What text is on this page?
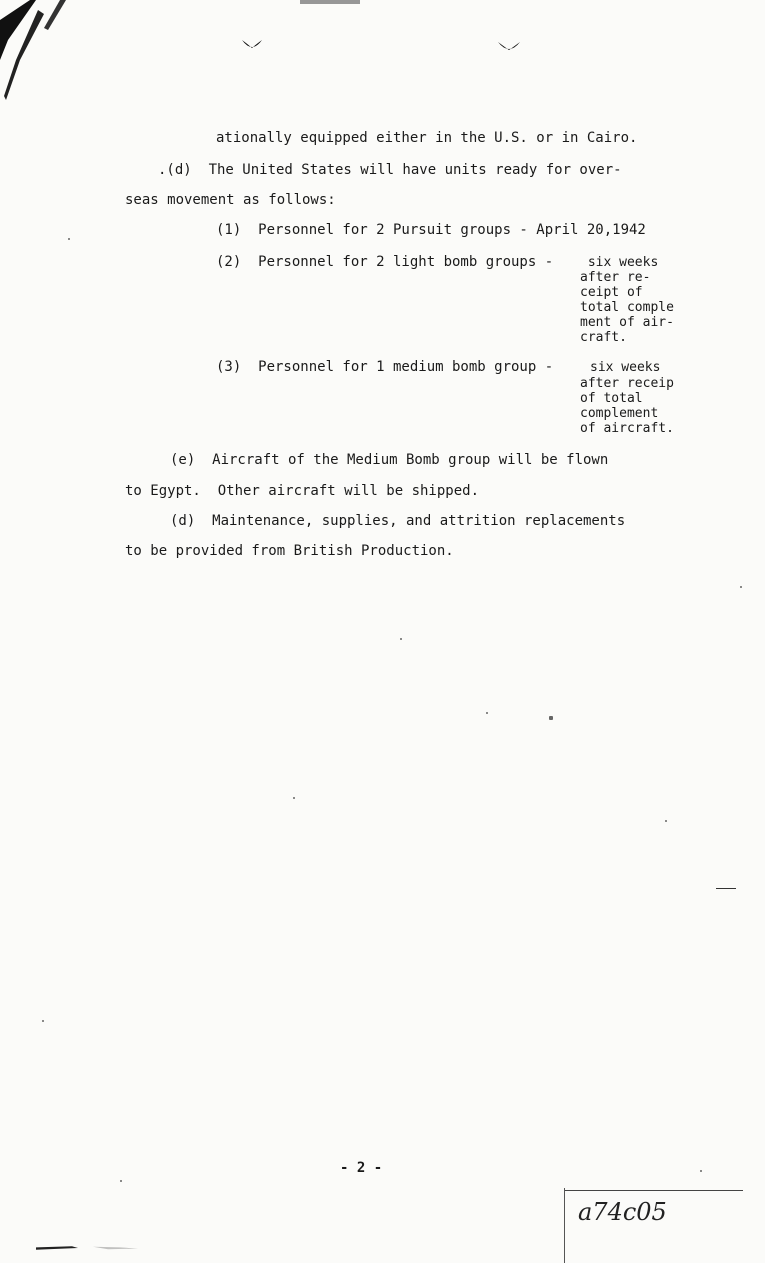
ationally equipped either in the U.S. or in Cairo.
.(d)  The United States will have units ready for over-
seas movement as follows:
(1)  Personnel for 2 Pursuit groups - April 20,1942
(2)  Personnel for 2 light bomb groups - six weeks
after re-
ceipt of
total comple
ment of air-
craft.
(3)  Personnel for 1 medium bomb group -	six weeks
after receip
of total
complement
of aircraft.
(e)  Aircraft of the Medium Bomb group will be flown
to Egypt.  Other aircraft will be shipped.
(d)  Maintenance, supplies, and attrition replacements
to be provided from British Production.
- 2 -
a74c05
